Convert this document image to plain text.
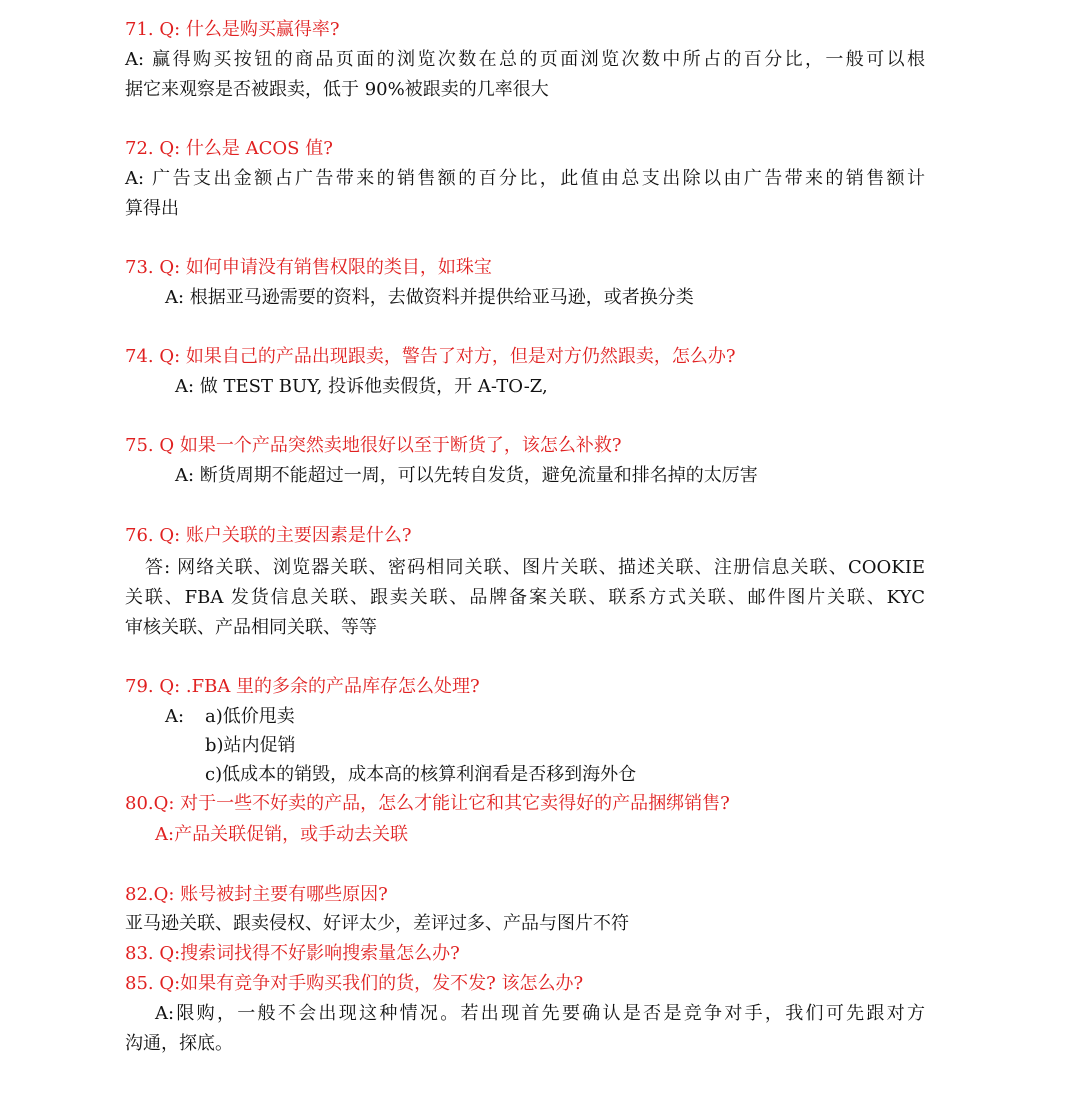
71. Q: 什么是购买赢得率?
A: 赢得购买按钮的商品页面的浏览次数在总的页面浏览次数中所占的百分比，一般可以根
据它来观察是否被跟卖，低于 90%被跟卖的几率很大
72. Q: 什么是 ACOS 值?
A: 广告支出金额占广告带来的销售额的百分比，此值由总支出除以由广告带来的销售额计
算得出
73. Q: 如何申请没有销售权限的类目，如珠宝
A: 根据亚马逊需要的资料，去做资料并提供给亚马逊，或者换分类
74. Q: 如果自己的产品出现跟卖，警告了对方，但是对方仍然跟卖，怎么办?
A: 做 TEST BUY, 投诉他卖假货，开 A-TO-Z,
75. Q 如果一个产品突然卖地很好以至于断货了，该怎么补救?
A: 断货周期不能超过一周，可以先转自发货，避免流量和排名掉的太厉害
76. Q: 账户关联的主要因素是什么?
答: 网络关联、浏览器关联、密码相同关联、图片关联、描述关联、注册信息关联、COOKIE
关联、FBA 发货信息关联、跟卖关联、品牌备案关联、联系方式关联、邮件图片关联、KYC
审核关联、产品相同关联、等等
79. Q: .FBA 里的多余的产品库存怎么处理?
A:	a)低价甩卖
b)站内促销
c)低成本的销毁，成本高的核算利润看是否移到海外仓
80.Q: 对于一些不好卖的产品，怎么才能让它和其它卖得好的产品捆绑销售?
A:产品关联促销，或手动去关联
82.Q: 账号被封主要有哪些原因?
亚马逊关联、跟卖侵权、好评太少，差评过多、产品与图片不符
83. Q:搜索词找得不好影响搜索量怎么办?
85. Q:如果有竞争对手购买我们的货，发不发? 该怎么办?
A:限购，一般不会出现这种情况。若出现首先要确认是否是竞争对手，我们可先跟对方
沟通，探底。
